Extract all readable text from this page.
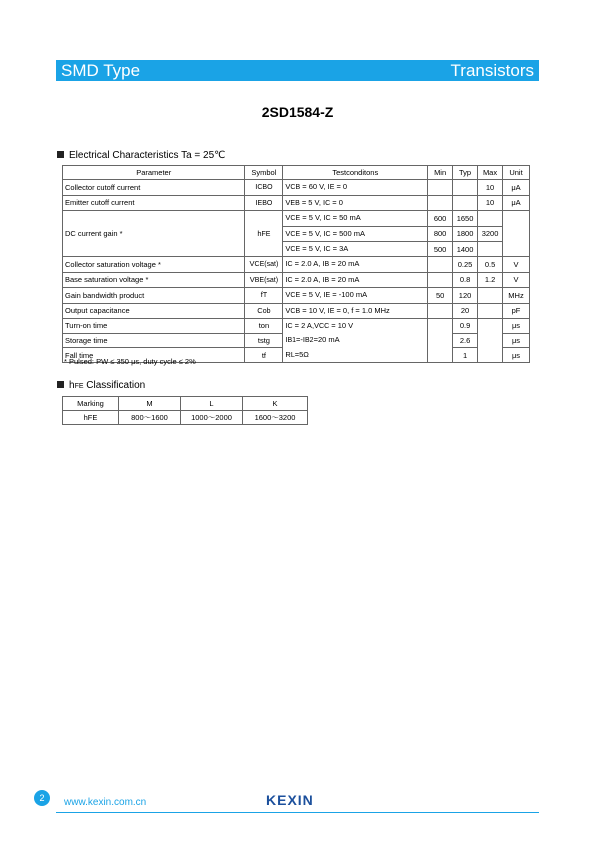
SMD Type	Transistors
2SD1584-Z
Electrical Characteristics Ta = 25℃
Parameter	Symbol	Testconditons	Min	Typ	Max	Unit
Collector cutoff current	ICBO	VCB = 60 V, IE = 0			10	μA
Emitter cutoff current	IEBO	VEB = 5 V, IC = 0			10	μA
DC current gain *	hFE	VCE = 5 V, IC = 50 mA	600	1650		
		VCE = 5 V, IC = 500 mA	800	1800	3200	
		VCE = 5 V, IC = 3A	500	1400		
Collector saturation voltage *	VCE(sat)	IC = 2.0 A, IB = 20 mA		0.25	0.5	V
Base saturation voltage *	VBE(sat)	IC = 2.0 A, IB = 20 mA		0.8	1.2	V
Gain bandwidth product	fT	VCE = 5 V, IE = -100 mA	50	120		MHz
Output capacitance	Cob	VCB = 10 V, IE = 0, f = 1.0 MHz		20		pF
Turn-on time	ton	IC = 2 A,VCC = 10 V		0.9		μs
Storage time	tstg	IB1=-IB2=20 mA		2.6		μs
Fall time	tf	RL=5Ω		1		μs
* Pulsed: PW ≤ 350 μs, duty cycle ≤ 2%
hFE Classification
Marking	M	L	K
hFE	800～1600	1000～2000	1600～3200
2	www.kexin.com.cn	KEXIN
